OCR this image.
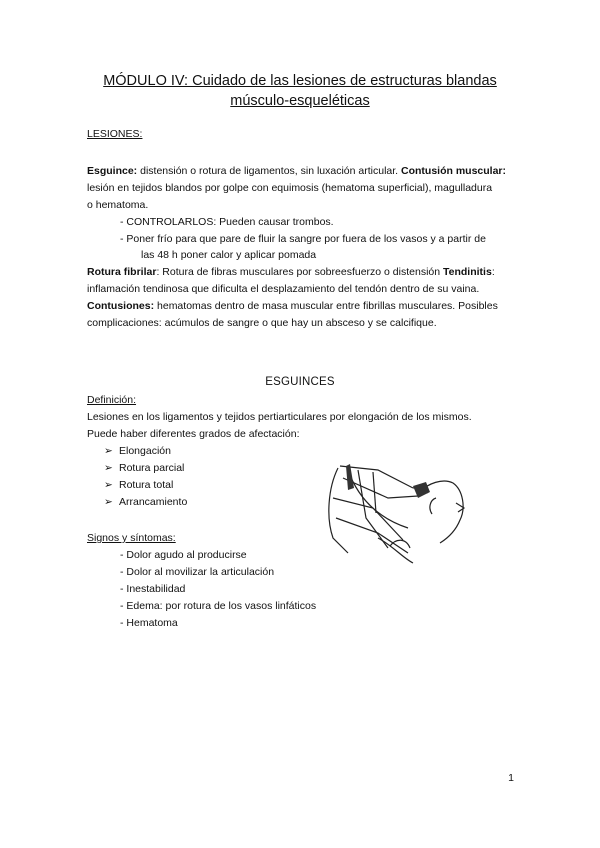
MÓDULO IV: Cuidado de las lesiones de estructuras blandas
músculo-esqueléticas
LESIONES:
Esguince: distensión o rotura de ligamentos, sin luxación articular. Contusión muscular:
lesión en tejidos blandos por golpe con equimosis (hematoma superficial), magulladura
o hematoma.
- CONTROLARLOS: Pueden causar trombos.
- Poner frío para que pare de fluir la sangre por fuera de los vasos y a partir de
las 48 h poner calor y aplicar pomada
Rotura fibrilar: Rotura de fibras musculares por sobreesfuerzo o distensión Tendinitis:
inflamación tendinosa que dificulta el desplazamiento del tendón dentro de su vaina.
Contusiones: hematomas dentro de masa muscular entre fibrillas musculares. Posibles
complicaciones: acúmulos de sangre o que hay un absceso y se calcifique.
ESGUINCES
Definición:
Lesiones en los ligamentos y tejidos pertiarticulares por elongación de los mismos.
Puede haber diferentes grados de afectación:
➢ Elongación
➢ Rotura parcial
➢ Rotura total
➢ Arrancamiento
Signos y síntomas:
- Dolor agudo al producirse
- Dolor al movilizar la articulación
- Inestabilidad
- Edema: por rotura de los vasos linfáticos
- Hematoma
1
